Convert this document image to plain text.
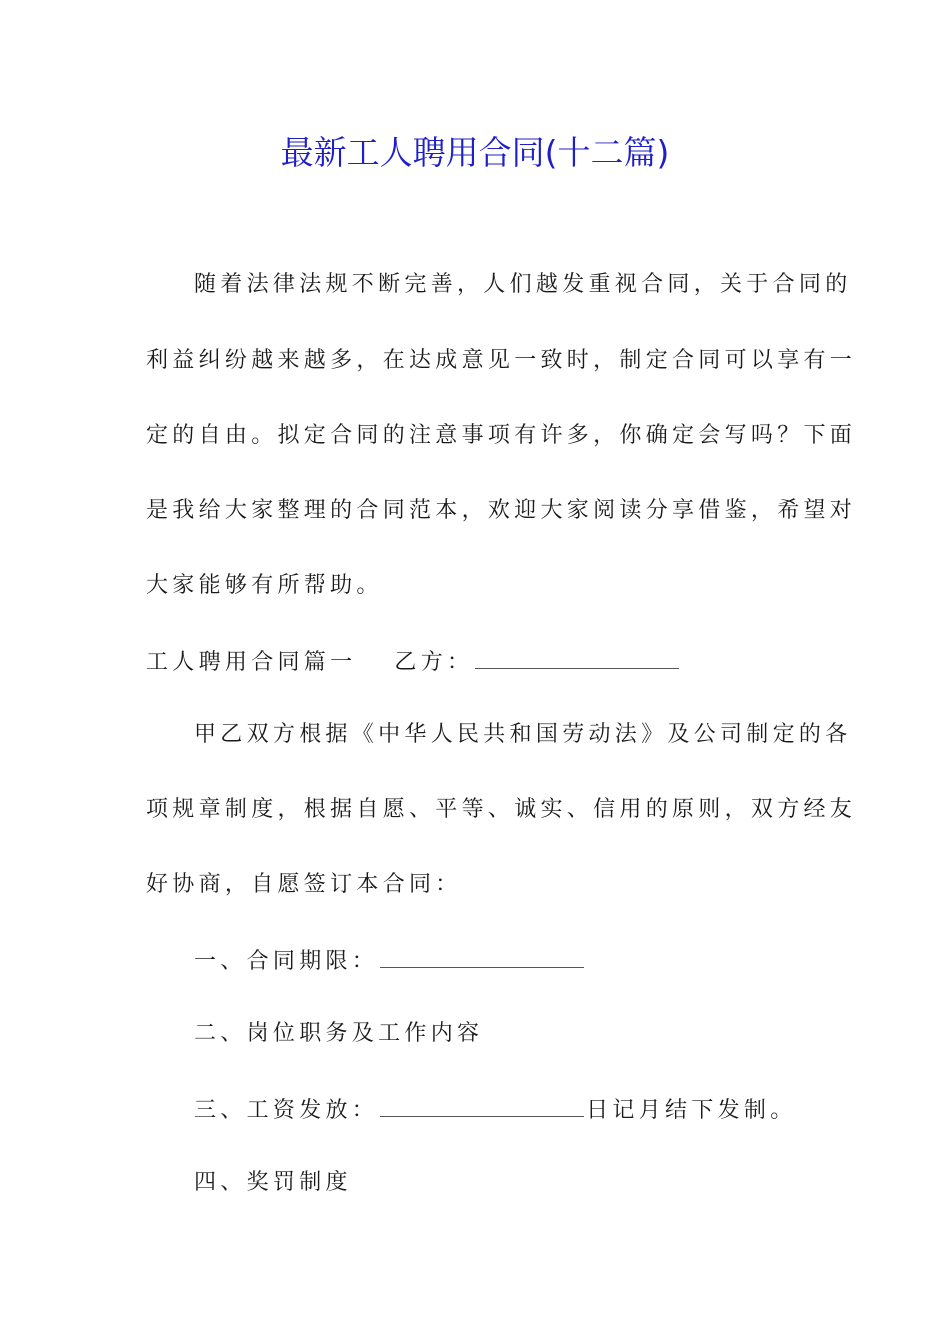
最新工人聘用合同(十二篇)
随着法律法规不断完善，人们越发重视合同，关于合同的
利益纠纷越来越多，在达成意见一致时，制定合同可以享有一
定的自由。拟定合同的注意事项有许多，你确定会写吗？下面
是我给大家整理的合同范本，欢迎大家阅读分享借鉴，希望对
大家能够有所帮助。
工人聘用合同篇一 乙方：
甲乙双方根据《中华人民共和国劳动法》及公司制定的各
项规章制度，根据自愿、平等、诚实、信用的原则，双方经友
好协商，自愿签订本合同：
一、合同期限：
二、岗位职务及工作内容
三、工资发放：	日记月结下发制。
四、奖罚制度
